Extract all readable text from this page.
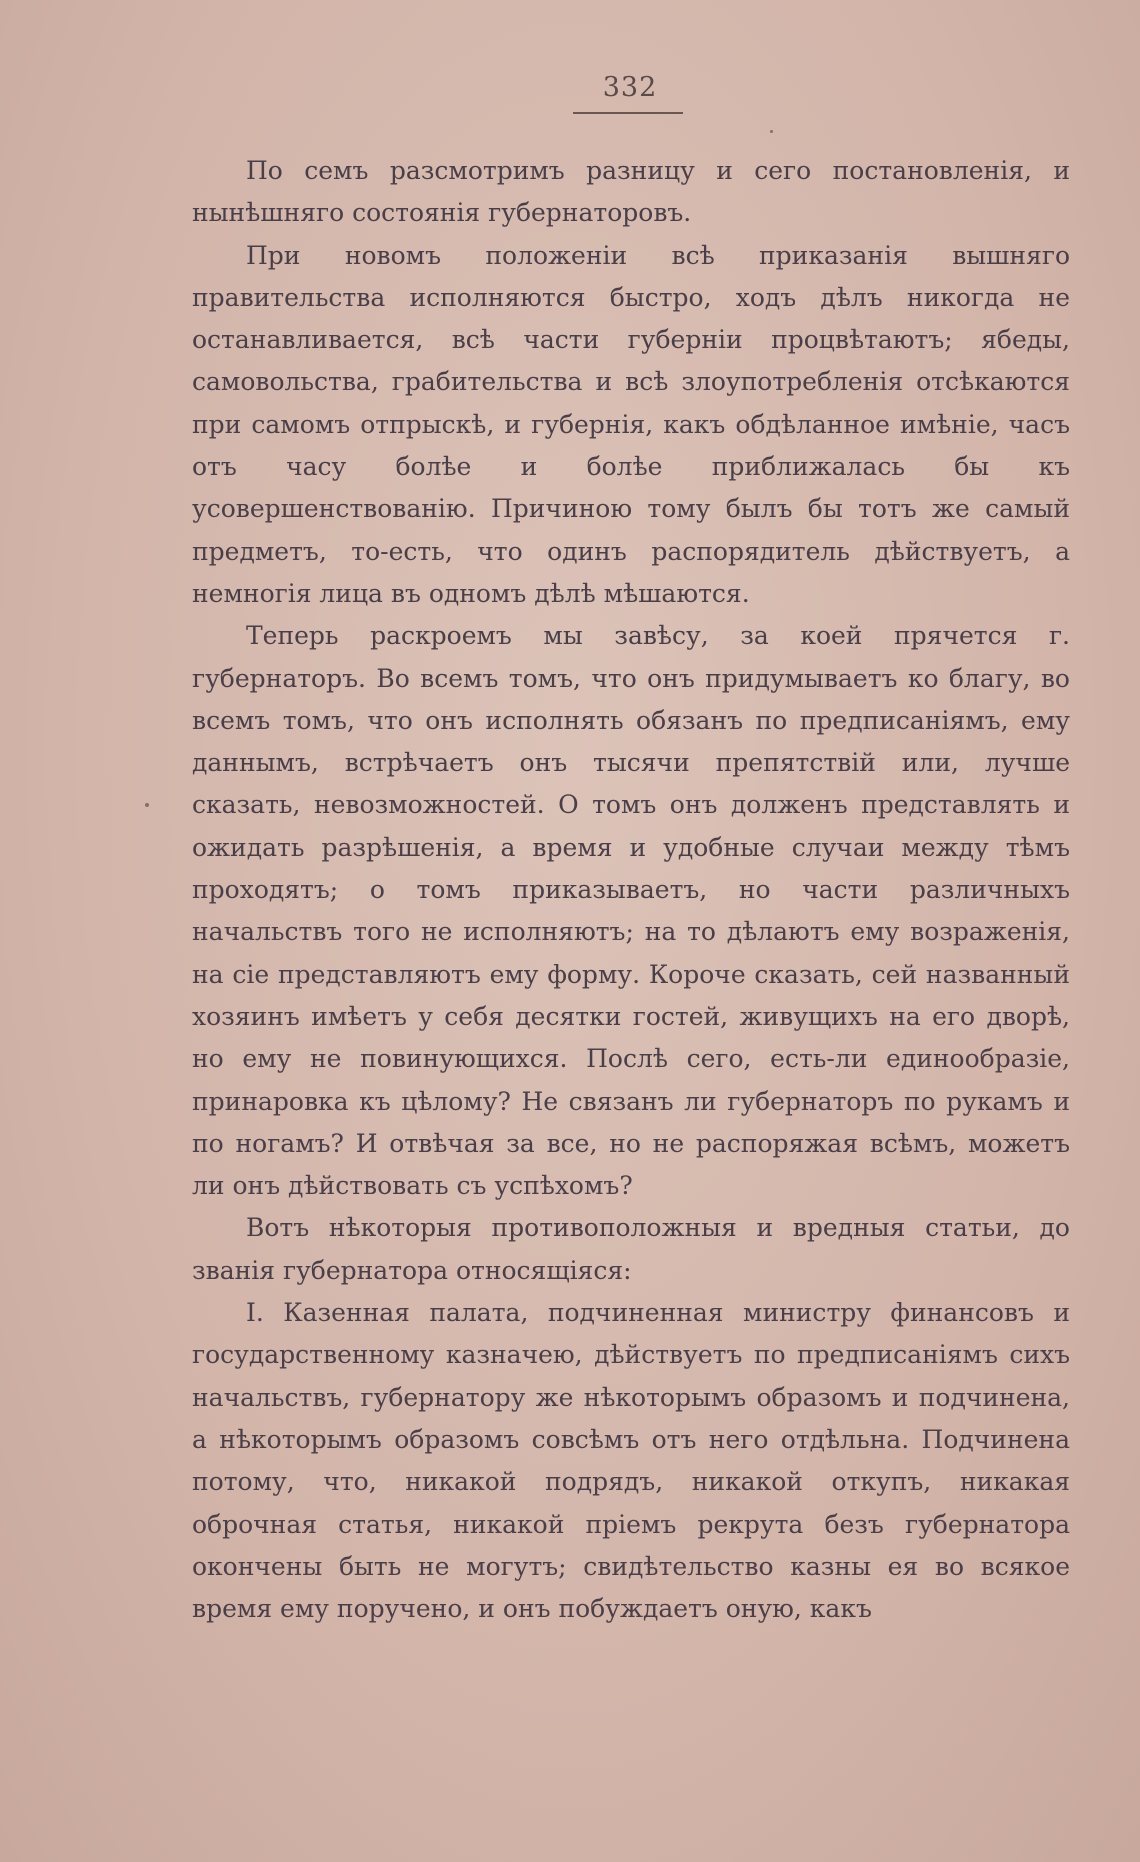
332

По семъ разсмотримъ разницу и сего постановленія, и нынѣшняго состоянія губернаторовъ.

При новомъ положеніи всѣ приказанія вышняго правительства исполняются быстро, ходъ дѣлъ никогда не останавливается, всѣ части губерніи процвѣтаютъ; ябеды, самовольства, грабительства и всѣ злоупотребленія отсѣкаются при самомъ отпрыскѣ, и губернія, какъ обдѣланное имѣніе, часъ отъ часу болѣе и болѣе приближалась бы къ усовершенствованію. Причиною тому былъ бы тотъ же самый предметъ, то-есть, что одинъ распорядитель дѣйствуетъ, а немногія лица въ одномъ дѣлѣ мѣшаются.

Теперь раскроемъ мы завѣсу, за коей прячется г. губернаторъ. Во всемъ томъ, что онъ придумываетъ ко благу, во всемъ томъ, что онъ исполнять обязанъ по предписаніямъ, ему даннымъ, встрѣчаетъ онъ тысячи препятствій или, лучше сказать, невозможностей. О томъ онъ долженъ представлять и ожидать разрѣшенія, а время и удобные случаи между тѣмъ проходятъ; о томъ приказываетъ, но части различныхъ начальствъ того не исполняютъ; на то дѣлаютъ ему возраженія, на сіе представляютъ ему форму. Короче сказать, сей названный хозяинъ имѣетъ у себя десятки гостей, живущихъ на его дворѣ, но ему не повинующихся. Послѣ сего, есть-ли единообразіе, принаровка къ цѣлому? Не связанъ ли губернаторъ по рукамъ и по ногамъ? И отвѣчая за все, но не распоряжая всѣмъ, можетъ ли онъ дѣйствовать съ успѣхомъ?

Вотъ нѣкоторыя противоположныя и вредныя статьи, до званія губернатора относящіяся:

I. Казенная палата, подчиненная министру финансовъ и государственному казначею, дѣйствуетъ по предписаніямъ сихъ начальствъ, губернатору же нѣкоторымъ образомъ и подчинена, а нѣкоторымъ образомъ совсѣмъ отъ него отдѣльна. Подчинена потому, что, никакой подрядъ, никакой откупъ, никакая оброчная статья, никакой пріемъ рекрута безъ губернатора окончены быть не могутъ; свидѣтельство казны ея во всякое время ему поручено, и онъ побуждаетъ оную, какъ
